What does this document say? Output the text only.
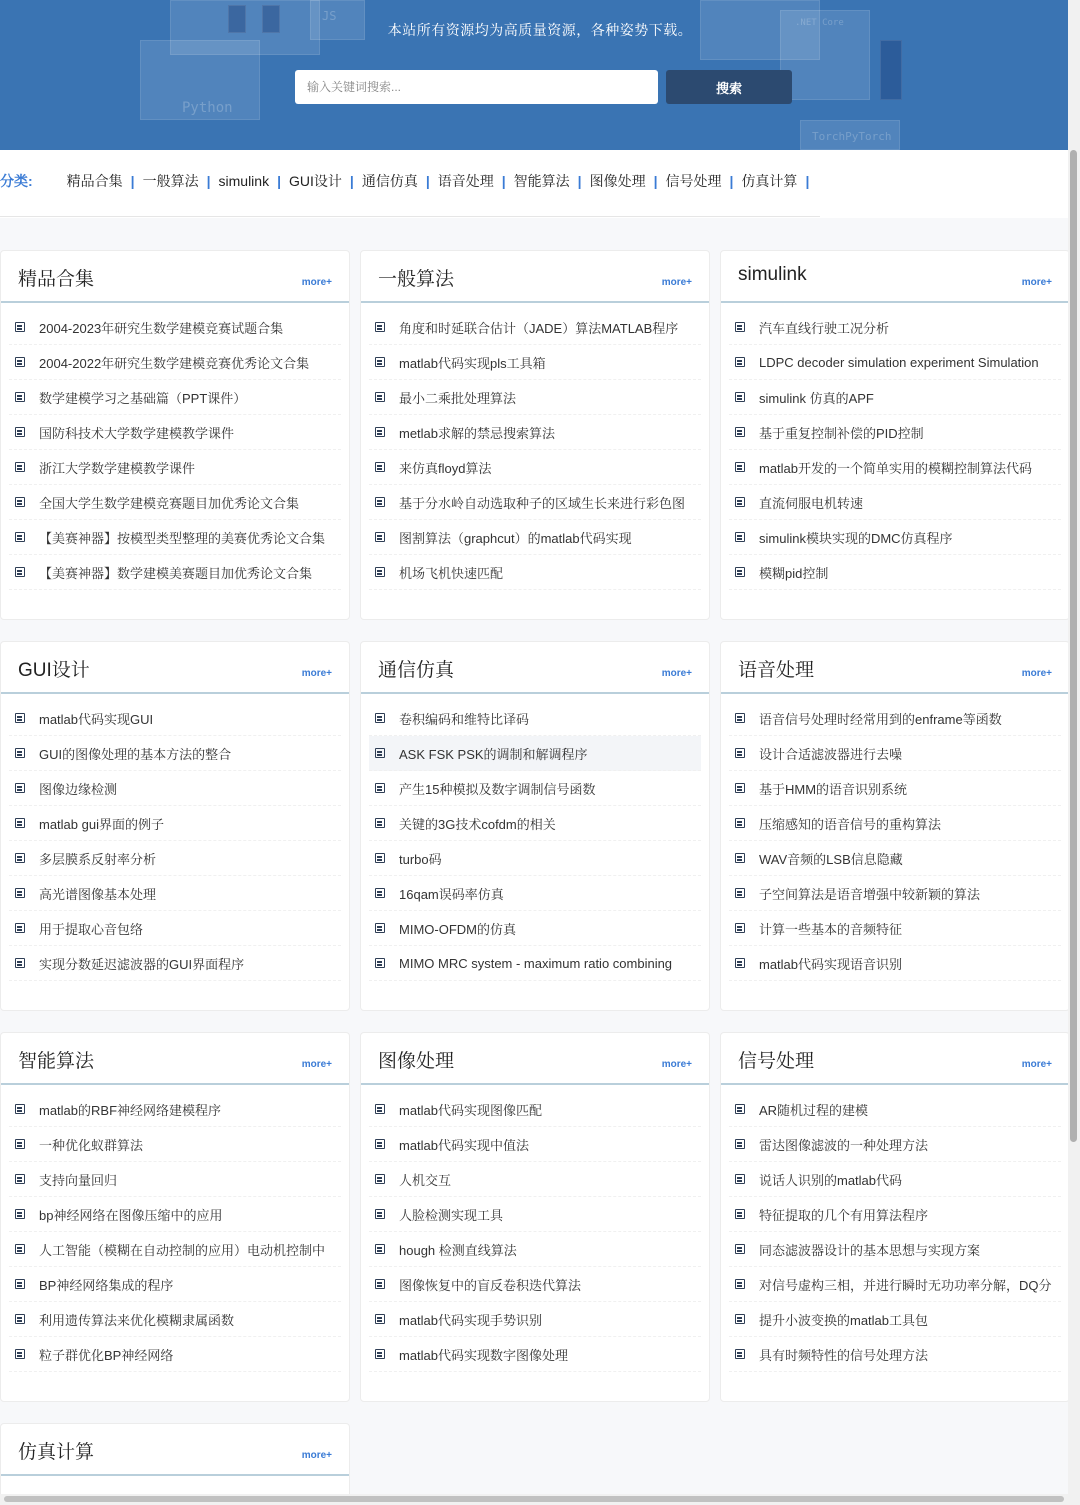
JS	.NET Core
Python
TorchPyTorch
本站所有资源均为高质量资源，各种姿势下载。
输入关键词搜索...
搜索
分类:	精品合集 | 一般算法 | simulink | GUI设计 | 通信仿真 | 语音处理 | 智能算法 | 图像处理 | 信号处理 | 仿真计算 |
精品合集	more+
2004-2023年研究生数学建模竞赛试题合集
2004-2022年研究生数学建模竞赛优秀论文合集
数学建模学习之基础篇（PPT课件）
国防科技术大学数学建模教学课件
浙江大学数学建模教学课件
全国大学生数学建模竞赛题目加优秀论文合集
【美赛神器】按模型类型整理的美赛优秀论文合集
【美赛神器】数学建模美赛题目加优秀论文合集
一般算法	more+
角度和时延联合估计（JADE）算法MATLAB程序
matlab代码实现pls工具箱
最小二乘批处理算法
metlab求解的禁忌搜索算法
来仿真floyd算法
基于分水岭自动选取种子的区域生长来进行彩色图
图割算法（graphcut）的matlab代码实现
机场飞机快速匹配
simulink	more+
汽车直线行驶工况分析
LDPC decoder simulation experiment Simulation
simulink 仿真的APF
基于重复控制补偿的PID控制
matlab开发的一个简单实用的模糊控制算法代码
直流伺服电机转速
simulink模块实现的DMC仿真程序
模糊pid控制
GUI设计	more+
matlab代码实现GUI
GUI的图像处理的基本方法的整合
图像边缘检测
matlab gui界面的例子
多层膜系反射率分析
高光谱图像基本处理
用于提取心音包络
实现分数延迟滤波器的GUI界面程序
通信仿真	more+
卷积编码和维特比译码
ASK FSK PSK的调制和解调程序
产生15种模拟及数字调制信号函数
关键的3G技术cofdm的相关
turbo码
16qam误码率仿真
MIMO-OFDM的仿真
MIMO MRC system - maximum ratio combining
语音处理	more+
语音信号处理时经常用到的enframe等函数
设计合适滤波器进行去噪
基于HMM的语音识别系统
压缩感知的语音信号的重构算法
WAV音频的LSB信息隐藏
子空间算法是语音增强中较新颖的算法
计算一些基本的音频特征
matlab代码实现语音识别
智能算法	more+
matlab的RBF神经网络建模程序
一种优化蚁群算法
支持向量回归
bp神经网络在图像压缩中的应用
人工智能（模糊在自动控制的应用）电动机控制中
BP神经网络集成的程序
利用遗传算法来优化模糊隶属函数
粒子群优化BP神经网络
图像处理	more+
matlab代码实现图像匹配
matlab代码实现中值法
人机交互
人脸检测实现工具
hough 检测直线算法
图像恢复中的盲反卷积迭代算法
matlab代码实现手势识别
matlab代码实现数字图像处理
信号处理	more+
AR随机过程的建模
雷达图像滤波的一种处理方法
说话人识别的matlab代码
特征提取的几个有用算法程序
同态滤波器设计的基本思想与实现方案
对信号虚构三相，并进行瞬时无功功率分解，DQ分
提升小波变换的matlab工具包
具有时频特性的信号处理方法
仿真计算	more+
